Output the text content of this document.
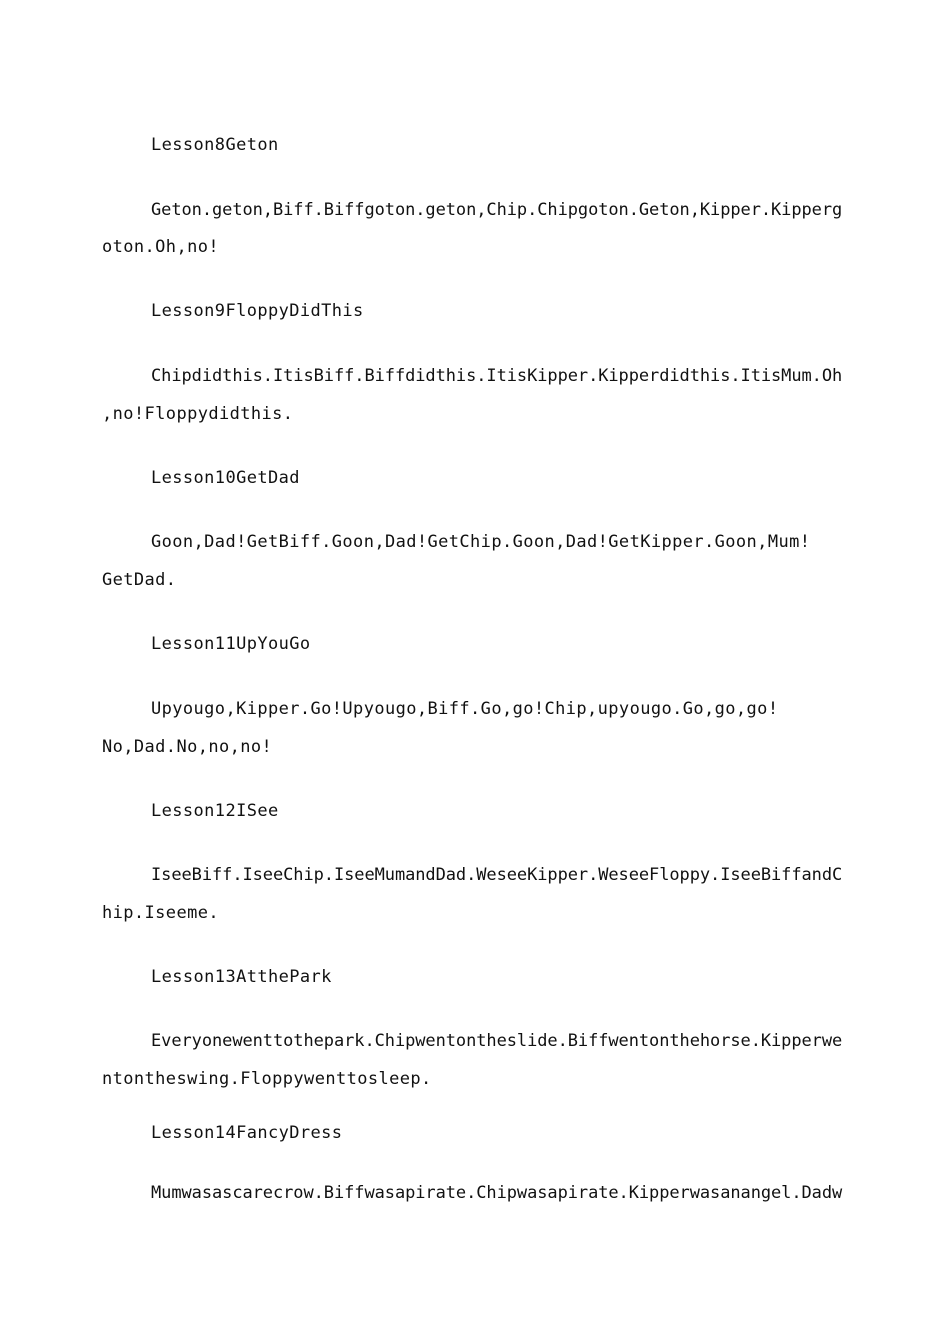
Lesson8Geton
Geton.geton,Biff.Biffgoton.geton,Chip.Chipgoton.Geton,Kipper.Kipperg
oton.Oh,no!
Lesson9FloppyDidThis
Chipdidthis.ItisBiff.Biffdidthis.ItisKipper.Kipperdidthis.ItisMum.Oh
,no!Floppydidthis.
Lesson10GetDad
Goon,Dad!GetBiff.Goon,Dad!GetChip.Goon,Dad!GetKipper.Goon,Mum!
GetDad.
Lesson11UpYouGo
Upyougo,Kipper.Go!Upyougo,Biff.Go,go!Chip,upyougo.Go,go,go!
No,Dad.No,no,no!
Lesson12ISee
IseeBiff.IseeChip.IseeMumandDad.WeseeKipper.WeseeFloppy.IseeBiffandC
hip.Iseeme.
Lesson13AtthePark
Everyonewenttothepark.Chipwentontheslide.Biffwentonthehorse.Kipperwe
ntontheswing.Floppywenttosleep.
Lesson14FancyDress
Mumwasascarecrow.Biffwasapirate.Chipwasapirate.Kipperwasanangel.Dadw
